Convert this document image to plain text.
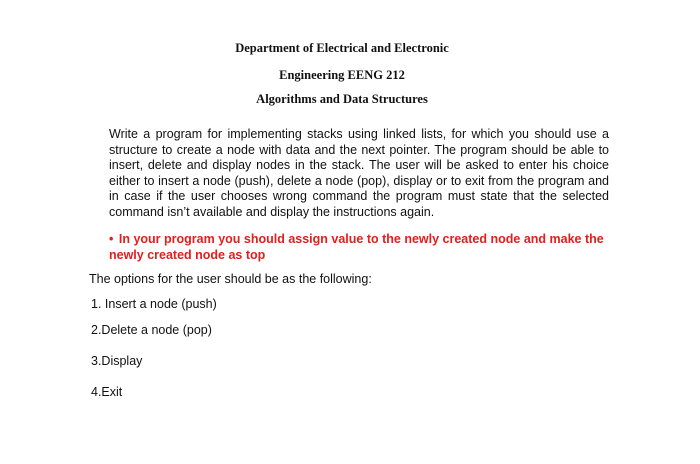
Department of Electrical and Electronic
Engineering EENG 212
Algorithms and Data Structures
Write a program for implementing stacks using linked lists, for which you should use a structure to create a node with data and the next pointer. The program should be able to insert, delete and display nodes in the stack. The user will be asked to enter his choice either to insert a node (push), delete a node (pop), display or to exit from the program and in case if the user chooses wrong command the program must state that the selected command isn’t available and display the instructions again.
• In your program you should assign value to the newly created node and make the newly created node as top
The options for the user should be as the following:
1. Insert a node (push)
2.Delete a node (pop)
3.Display
4.Exit
